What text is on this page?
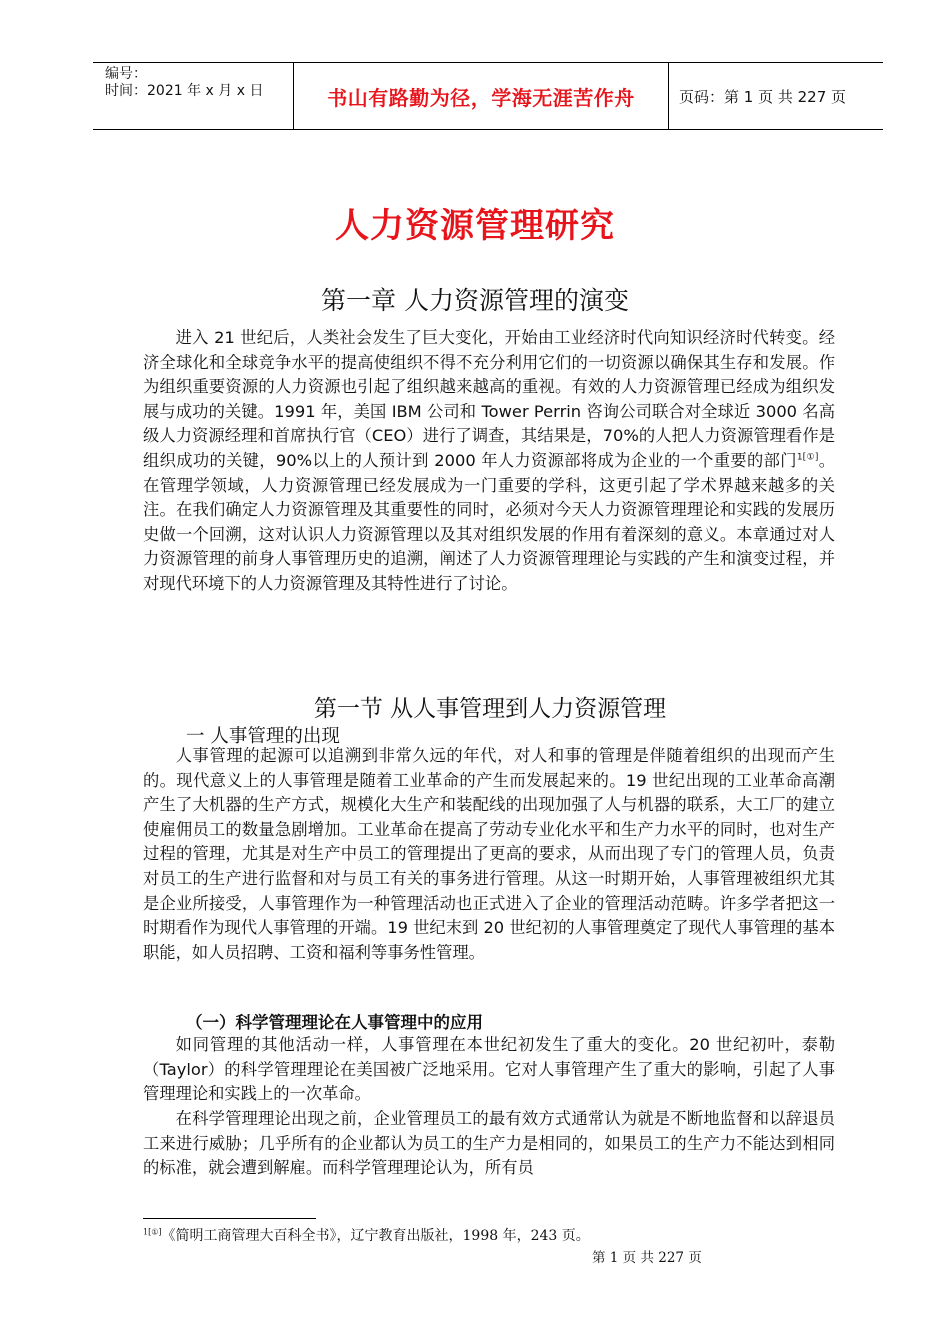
编号：
时间：2021 年 x 月 x 日	书山有路勤为径，学海无涯苦作舟	页码：第 1 页 共 227 页
人力资源管理研究
第一章 人力资源管理的演变

进入 21 世纪后，人类社会发生了巨大变化，开始由工业经济时代向知识经济时代转变。经济全球化和全球竞争水平的提高使组织不得不充分利用它们的一切资源以确保其生存和发展。作为组织重要资源的人力资源也引起了组织越来越高的重视。有效的人力资源管理已经成为组织发展与成功的关键。1991 年，美国 IBM 公司和 Tower Perrin 咨询公司联合对全球近 3000 名高级人力资源经理和首席执行官（CEO）进行了调查，其结果是，70%的人把人力资源管理看作是组织成功的关键，90%以上的人预计到 2000 年人力资源部将成为企业的一个重要的部门$^{1[①]}$。在管理学领域，人力资源管理已经发展成为一门重要的学科，这更引起了学术界越来越多的关注。在我们确定人力资源管理及其重要性的同时，必须对今天人力资源管理理论和实践的发展历史做一个回溯，这对认识人力资源管理以及其对组织发展的作用有着深刻的意义。本章通过对人力资源管理的前身人事管理历史的追溯，阐述了人力资源管理理论与实践的产生和演变过程，并对现代环境下的人力资源管理及其特性进行了讨论。

第一节 从人事管理到人力资源管理
一 人事管理的出现

人事管理的起源可以追溯到非常久远的年代，对人和事的管理是伴随着组织的出现而产生的。现代意义上的人事管理是随着工业革命的产生而发展起来的。19 世纪出现的工业革命高潮产生了大机器的生产方式，规模化大生产和装配线的出现加强了人与机器的联系，大工厂的建立使雇佣员工的数量急剧增加。工业革命在提高了劳动专业化水平和生产力水平的同时，也对生产过程的管理，尤其是对生产中员工的管理提出了更高的要求，从而出现了专门的管理人员，负责对员工的生产进行监督和对与员工有关的事务进行管理。从这一时期开始，人事管理被组织尤其是企业所接受，人事管理作为一种管理活动也正式进入了企业的管理活动范畴。许多学者把这一时期看作为现代人事管理的开端。19 世纪末到 20 世纪初的人事管理奠定了现代人事管理的基本职能，如人员招聘、工资和福利等事务性管理。

（一）科学管理理论在人事管理中的应用

如同管理的其他活动一样，人事管理在本世纪初发生了重大的变化。20 世纪初叶，泰勒（Taylor）的科学管理理论在美国被广泛地采用。它对人事管理产生了重大的影响，引起了人事管理理论和实践上的一次革命。

在科学管理理论出现之前，企业管理员工的最有效方式通常认为就是不断地监督和以辞退员工来进行威胁；几乎所有的企业都认为员工的生产力是相同的，如果员工的生产力不能达到相同的标准，就会遭到解雇。而科学管理理论认为，所有员

$^{1[①]}$《简明工商管理大百科全书》，辽宁教育出版社，1998 年，243 页。
第 1 页 共 227 页
